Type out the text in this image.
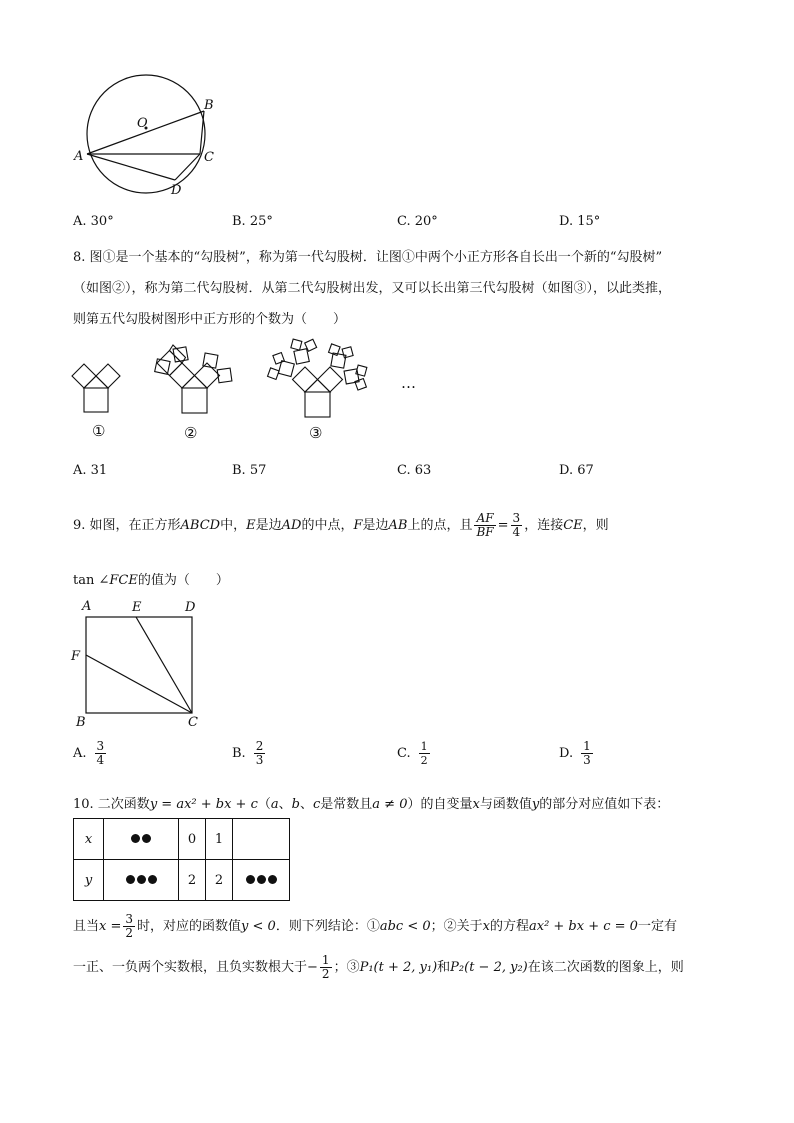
O
A
B
C
D
A. 30°	B. 25°	C. 20°	D. 15°
8. 图①是一个基本的“勾股树”，称为第一代勾股树．让图①中两个小正方形各自长出一个新的“勾股树”
（如图②），称为第二代勾股树．从第二代勾股树出发，又可以长出第三代勾股树（如图③），以此类推，
则第五代勾股树图形中正方形的个数为（　　）
…
①	②	③
A. 31	B. 57	C. 63	D. 67
9. 如图，在正方形ABCD中，E是边AD的中点，F是边AB上的点，且 $\frac{AF}{BF} = \frac{3}{4}$ ，连接CE，则
tan ∠FCE的值为（　　）
A	E	D
F
B	C
A. $\frac{3}{4}$	B. $\frac{2}{3}$	C. $\frac{1}{2}$	D. $\frac{1}{3}$
10. 二次函数y = ax² + bx + c（a、b、c是常数且a ≠ 0）的自变量x与函数值y的部分对应值如下表：
x		0	1	
y		2	2	
且当$x = \frac{3}{2}$ 时，对应的函数值y < 0．则下列结论：①abc < 0；②关于x的方程ax² + bx + c = 0一定有
一正、一负两个实数根，且负实数根大于− $\frac{1}{2}$ ；③P₁(t + 2, y₁)和P₂(t − 2, y₂)在该二次函数的图象上，则
